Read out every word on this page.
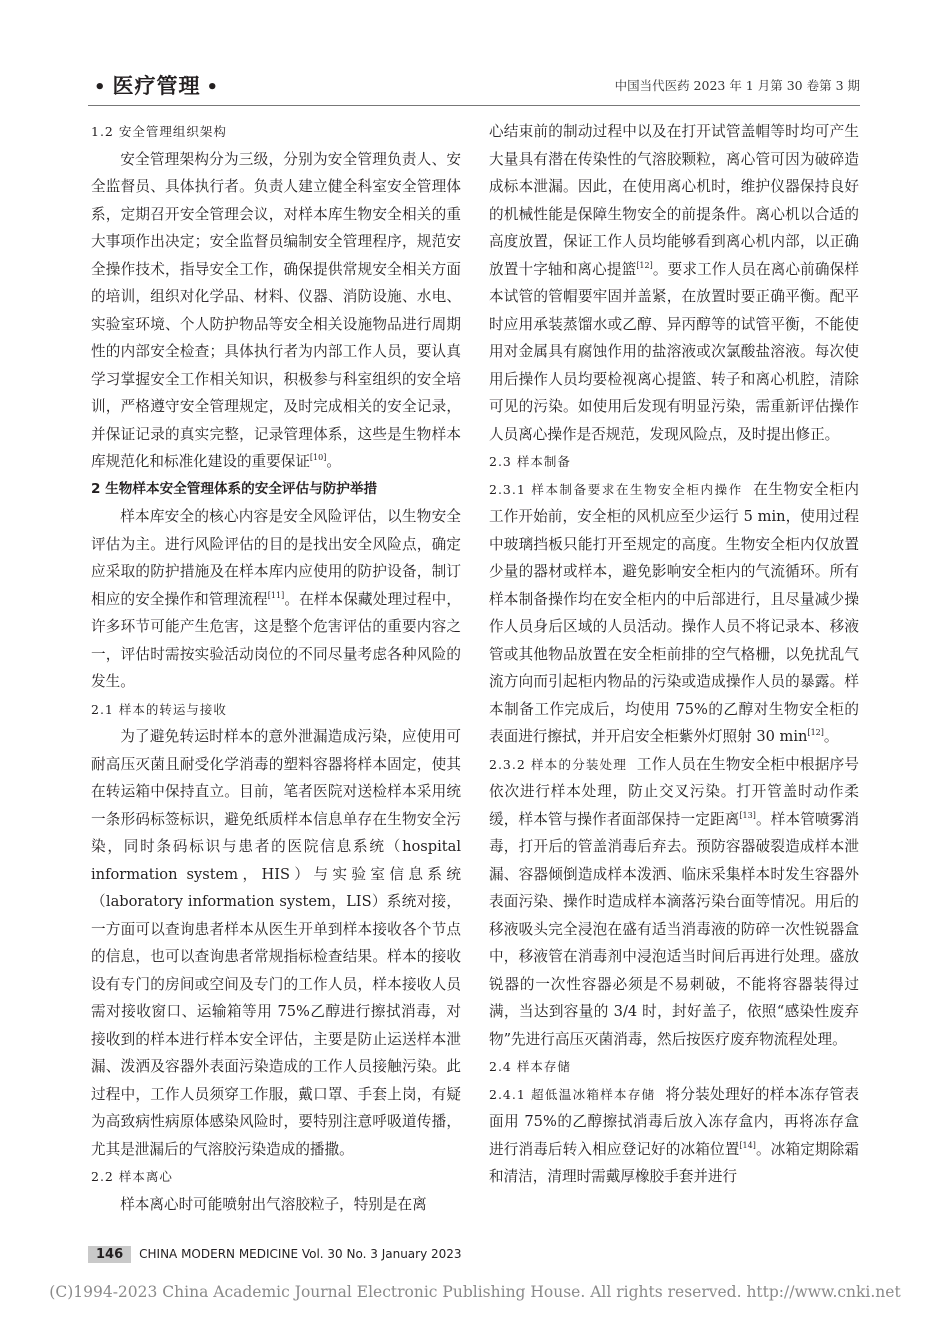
• 医疗管理 •	中国当代医药 2023 年 1 月第 30 卷第 3 期
1.2 安全管理组织架构

安全管理架构分为三级，分别为安全管理负责人、安全监督员、具体执行者。负责人建立健全科室安全管理体系，定期召开安全管理会议，对样本库生物安全相关的重大事项作出决定；安全监督员编制安全管理程序，规范安全操作技术，指导安全工作，确保提供常规安全相关方面的培训，组织对化学品、材料、仪器、消防设施、水电、实验室环境、个人防护物品等安全相关设施物品进行周期性的内部安全检查；具体执行者为内部工作人员，要认真学习掌握安全工作相关知识，积极参与科室组织的安全培训，严格遵守安全管理规定，及时完成相关的安全记录，并保证记录的真实完整，记录管理体系，这些是生物样本库规范化和标准化建设的重要保证[10]。

2 生物样本安全管理体系的安全评估与防护举措

样本库安全的核心内容是安全风险评估，以生物安全评估为主。进行风险评估的目的是找出安全风险点，确定应采取的防护措施及在样本库内应使用的防护设备，制订相应的安全操作和管理流程[11]。在样本保藏处理过程中，许多环节可能产生危害，这是整个危害评估的重要内容之一，评估时需按实验活动岗位的不同尽量考虑各种风险的发生。

2.1 样本的转运与接收

为了避免转运时样本的意外泄漏造成污染，应使用可耐高压灭菌且耐受化学消毒的塑料容器将样本固定，使其在转运箱中保持直立。目前，笔者医院对送检样本采用统一条形码标签标识，避免纸质样本信息单存在生物安全污染，同时条码标识与患者的医院信息系统（hospital information system，HIS）与实验室信息系统（laboratory information system，LIS）系统对接，一方面可以查询患者样本从医生开单到样本接收各个节点的信息，也可以查询患者常规指标检查结果。样本的接收设有专门的房间或空间及专门的工作人员，样本接收人员需对接收窗口、运输箱等用 75%乙醇进行擦拭消毒，对接收到的样本进行样本安全评估，主要是防止运送样本泄漏、泼洒及容器外表面污染造成的工作人员接触污染。此过程中，工作人员须穿工作服，戴口罩、手套上岗，有疑为高致病性病原体感染风险时，要特别注意呼吸道传播，尤其是泄漏后的气溶胶污染造成的播撒。

2.2 样本离心

样本离心时可能喷射出气溶胶粒子，特别是在离

心结束前的制动过程中以及在打开试管盖帽等时均可产生大量具有潜在传染性的气溶胶颗粒，离心管可因为破碎造成标本泄漏。因此，在使用离心机时，维护仪器保持良好的机械性能是保障生物安全的前提条件。离心机以合适的高度放置，保证工作人员均能够看到离心机内部，以正确放置十字轴和离心提篮[12]。要求工作人员在离心前确保样本试管的管帽要牢固并盖紧，在放置时要正确平衡。配平时应用承装蒸馏水或乙醇、异丙醇等的试管平衡，不能使用对金属具有腐蚀作用的盐溶液或次氯酸盐溶液。每次使用后操作人员均要检视离心提篮、转子和离心机腔，清除可见的污染。如使用后发现有明显污染，需重新评估操作人员离心操作是否规范，发现风险点，及时提出修正。

2.3 样本制备

2.3.1 样本制备要求在生物安全柜内操作 在生物安全柜内工作开始前，安全柜的风机应至少运行 5 min，使用过程中玻璃挡板只能打开至规定的高度。生物安全柜内仅放置少量的器材或样本，避免影响安全柜内的气流循环。所有样本制备操作均在安全柜内的中后部进行，且尽量减少操作人员身后区域的人员活动。操作人员不将记录本、移液管或其他物品放置在安全柜前排的空气格栅，以免扰乱气流方向而引起柜内物品的污染或造成操作人员的暴露。样本制备工作完成后，均使用 75%的乙醇对生物安全柜的表面进行擦拭，并开启安全柜紫外灯照射 30 min[12]。

2.3.2 样本的分装处理 工作人员在生物安全柜中根据序号依次进行样本处理，防止交叉污染。打开管盖时动作柔缓，样本管与操作者面部保持一定距离[13]。样本管喷雾消毒，打开后的管盖消毒后弃去。预防容器破裂造成样本泄漏、容器倾倒造成样本泼洒、临床采集样本时发生容器外表面污染、操作时造成样本滴落污染台面等情况。用后的移液吸头完全浸泡在盛有适当消毒液的防碎一次性锐器盒中，移液管在消毒剂中浸泡适当时间后再进行处理。盛放锐器的一次性容器必须是不易刺破，不能将容器装得过满，当达到容量的 3/4 时，封好盖子，依照“感染性废弃物”先进行高压灭菌消毒，然后按医疗废弃物流程处理。

2.4 样本存储

2.4.1 超低温冰箱样本存储 将分装处理好的样本冻存管表面用 75%的乙醇擦拭消毒后放入冻存盒内，再将冻存盒进行消毒后转入相应登记好的冰箱位置[14]。冰箱定期除霜和清洁，清理时需戴厚橡胶手套并进行

146	CHINA MODERN MEDICINE Vol. 30 No. 3 January 2023
(C)1994-2023 China Academic Journal Electronic Publishing House. All rights reserved. http://www.cnki.net
